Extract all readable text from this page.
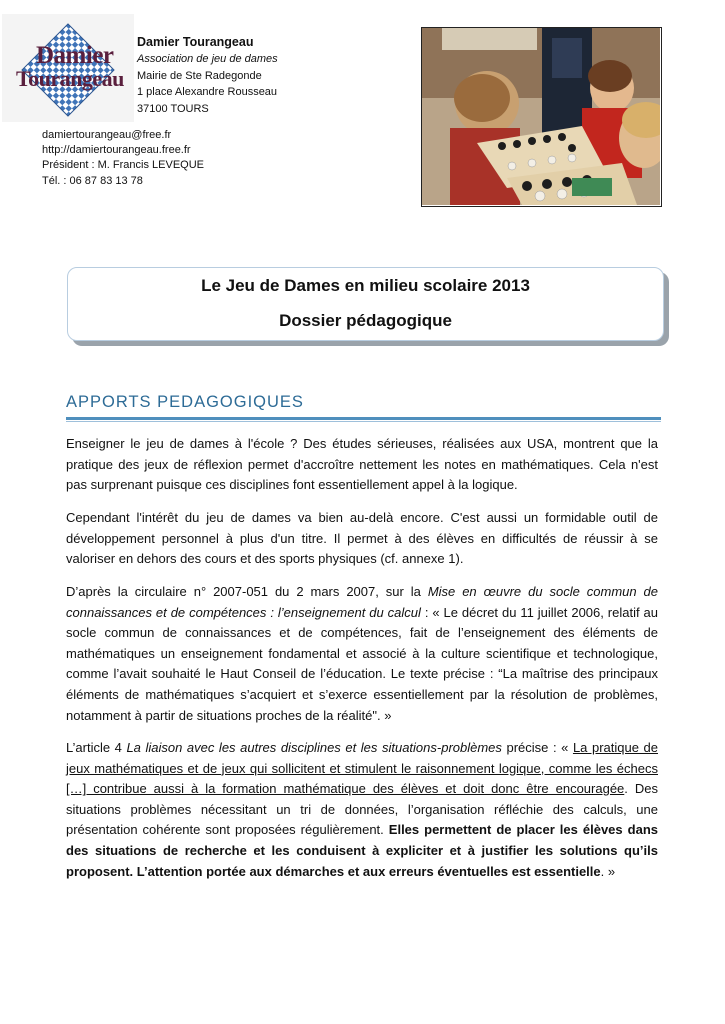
Damier
Tourangeau
Damier Tourangeau
Association de jeu de dames
Mairie de Ste Radegonde
1 place Alexandre Rousseau
37100 TOURS
damiertourangeau@free.fr
http://damiertourangeau.free.fr
Président : M. Francis LEVEQUE
Tél. : 06 87 83 13 78
Le Jeu de Dames en milieu scolaire 2013
Dossier pédagogique
APPORTS PEDAGOGIQUES
Enseigner le jeu de dames à l'école ? Des études sérieuses, réalisées aux USA, montrent que la pratique des jeux de réflexion permet d'accroître nettement les notes en mathématiques. Cela n'est pas surprenant puisque ces disciplines font essentiellement appel à la logique.
Cependant l'intérêt du jeu de dames va bien au-delà encore. C'est aussi un formidable outil de développement personnel à plus d'un titre. Il permet à des élèves en difficultés de réussir à se valoriser en dehors des cours et des sports physiques (cf. annexe 1).
D’après la circulaire n° 2007-051 du 2 mars 2007, sur la Mise en œuvre du socle commun de connaissances et de compétences : l’enseignement du calcul : « Le décret du 11 juillet 2006, relatif au socle commun de connaissances et de compétences, fait de l’enseignement des éléments de mathématiques un enseignement fondamental et associé à la culture scientifique et technologique, comme l’avait souhaité le Haut Conseil de l’éducation. Le texte précise : “La maîtrise des principaux éléments de mathématiques s’acquiert et s’exerce essentiellement par la résolution de problèmes, notamment à partir de situations proches de la réalité". »
L’article 4 La liaison avec les autres disciplines et les situations-problèmes précise : « La pratique de jeux mathématiques et de jeux qui sollicitent et stimulent le raisonnement logique, comme les échecs […] contribue aussi à la formation mathématique des élèves et doit donc être encouragée. Des situations problèmes nécessitant un tri de données, l’organisation réfléchie des calculs, une présentation cohérente sont proposées régulièrement. Elles permettent de placer les élèves dans des situations de recherche et les conduisent à expliciter et à justifier les solutions qu’ils proposent. L’attention portée aux démarches et aux erreurs éventuelles est essentielle. »
